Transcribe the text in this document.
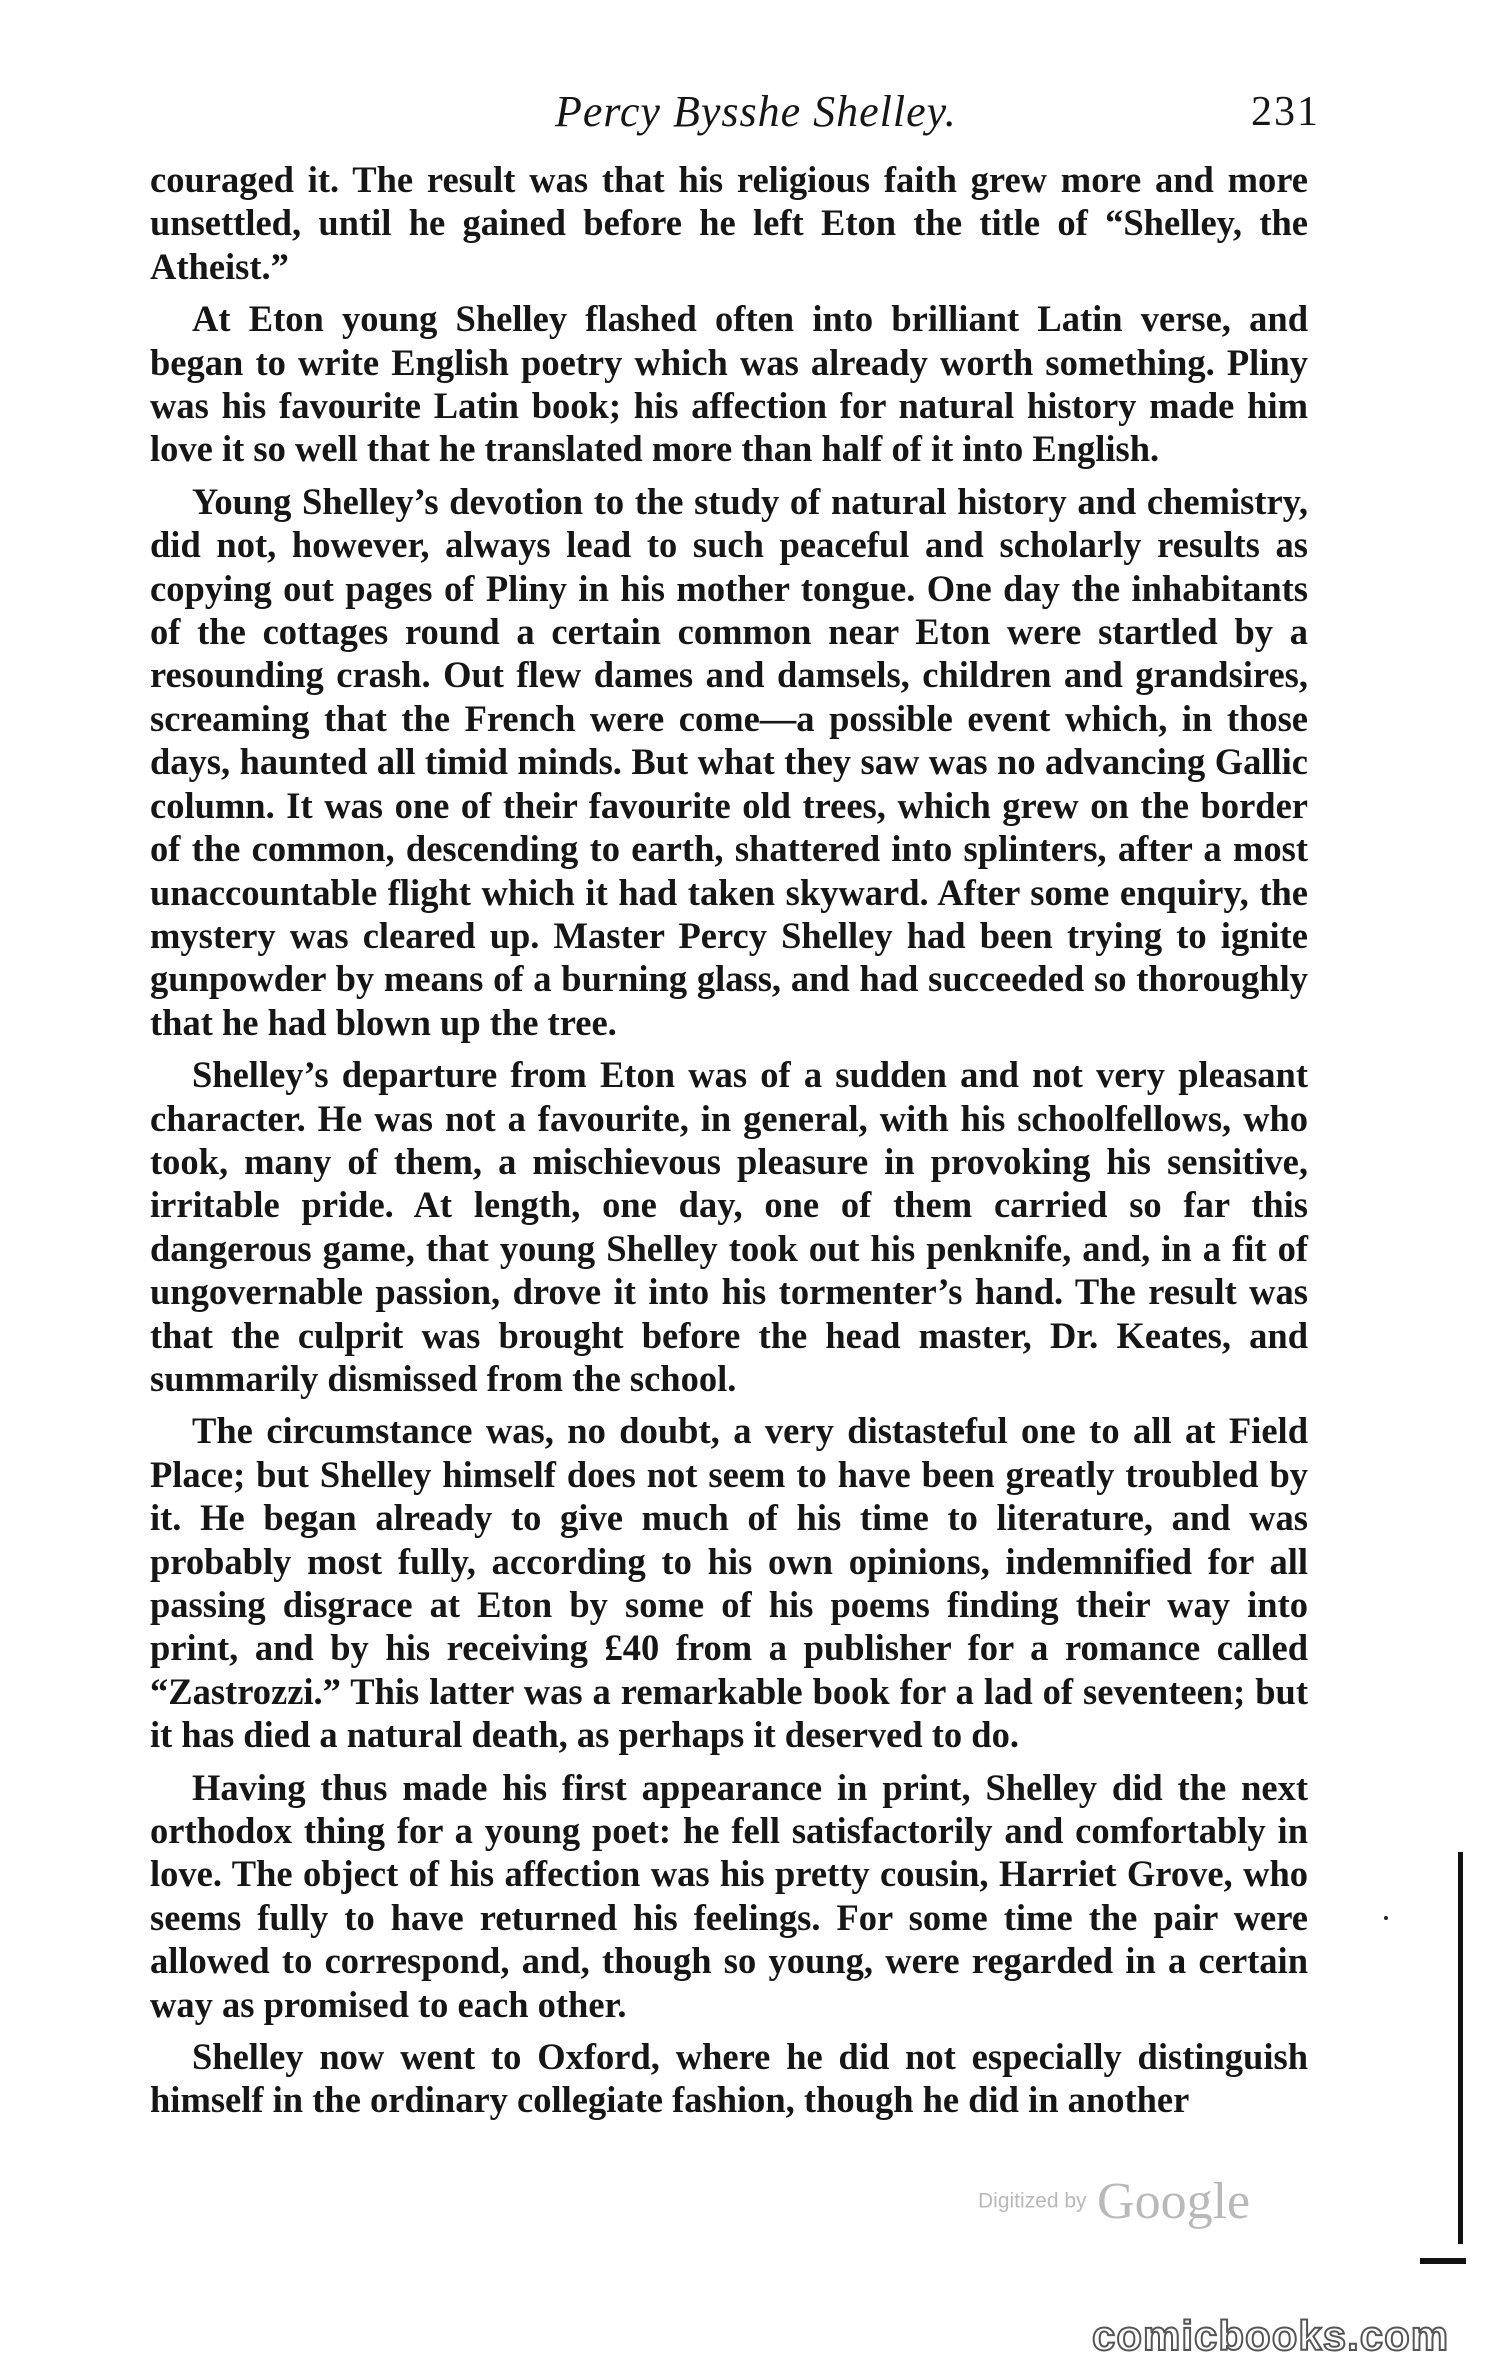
Percy Bysshe Shelley.	231

couraged it. The result was that his religious faith grew more and more unsettled, until he gained before he left Eton the title of “Shelley, the Atheist.”

At Eton young Shelley flashed often into brilliant Latin verse, and began to write English poetry which was already worth something. Pliny was his favourite Latin book; his affection for natural history made him love it so well that he translated more than half of it into English.

Young Shelley’s devotion to the study of natural history and chemistry, did not, however, always lead to such peaceful and scholarly results as copying out pages of Pliny in his mother tongue. One day the inhabitants of the cottages round a certain common near Eton were startled by a resounding crash. Out flew dames and damsels, children and grandsires, screaming that the French were come—a possible event which, in those days, haunted all timid minds. But what they saw was no advancing Gallic column. It was one of their favourite old trees, which grew on the border of the common, descending to earth, shattered into splinters, after a most unaccountable flight which it had taken skyward. After some enquiry, the mystery was cleared up. Master Percy Shelley had been trying to ignite gunpowder by means of a burning glass, and had succeeded so thoroughly that he had blown up the tree.

Shelley’s departure from Eton was of a sudden and not very pleasant character. He was not a favourite, in general, with his schoolfellows, who took, many of them, a mischievous pleasure in provoking his sensitive, irritable pride. At length, one day, one of them carried so far this dangerous game, that young Shelley took out his penknife, and, in a fit of ungovernable passion, drove it into his tormenter’s hand. The result was that the culprit was brought before the head master, Dr. Keates, and summarily dismissed from the school.

The circumstance was, no doubt, a very distasteful one to all at Field Place; but Shelley himself does not seem to have been greatly troubled by it. He began already to give much of his time to literature, and was probably most fully, according to his own opinions, indemnified for all passing disgrace at Eton by some of his poems finding their way into print, and by his receiving £40 from a publisher for a romance called “Zastrozzi.” This latter was a remarkable book for a lad of seventeen; but it has died a natural death, as perhaps it deserved to do.

Having thus made his first appearance in print, Shelley did the next orthodox thing for a young poet: he fell satisfactorily and comfortably in love. The object of his affection was his pretty cousin, Harriet Grove, who seems fully to have returned his feelings. For some time the pair were allowed to correspond, and, though so young, were regarded in a certain way as promised to each other.

Shelley now went to Oxford, where he did not especially distinguish himself in the ordinary collegiate fashion, though he did in another

Digitized by Google
comicbooks.com
